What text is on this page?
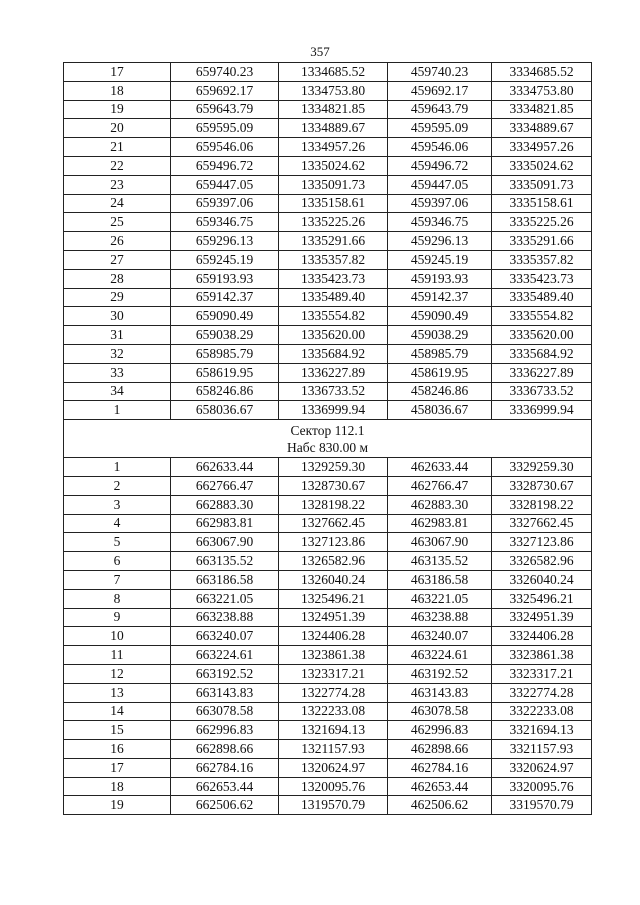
357
17	659740.23	1334685.52	459740.23	3334685.52
18	659692.17	1334753.80	459692.17	3334753.80
19	659643.79	1334821.85	459643.79	3334821.85
20	659595.09	1334889.67	459595.09	3334889.67
21	659546.06	1334957.26	459546.06	3334957.26
22	659496.72	1335024.62	459496.72	3335024.62
23	659447.05	1335091.73	459447.05	3335091.73
24	659397.06	1335158.61	459397.06	3335158.61
25	659346.75	1335225.26	459346.75	3335225.26
26	659296.13	1335291.66	459296.13	3335291.66
27	659245.19	1335357.82	459245.19	3335357.82
28	659193.93	1335423.73	459193.93	3335423.73
29	659142.37	1335489.40	459142.37	3335489.40
30	659090.49	1335554.82	459090.49	3335554.82
31	659038.29	1335620.00	459038.29	3335620.00
32	658985.79	1335684.92	458985.79	3335684.92
33	658619.95	1336227.89	458619.95	3336227.89
34	658246.86	1336733.52	458246.86	3336733.52
1	658036.67	1336999.94	458036.67	3336999.94

Сектор 112.1
Набс 830.00 м				

1	662633.44	1329259.30	462633.44	3329259.30
2	662766.47	1328730.67	462766.47	3328730.67
3	662883.30	1328198.22	462883.30	3328198.22
4	662983.81	1327662.45	462983.81	3327662.45
5	663067.90	1327123.86	463067.90	3327123.86
6	663135.52	1326582.96	463135.52	3326582.96
7	663186.58	1326040.24	463186.58	3326040.24
8	663221.05	1325496.21	463221.05	3325496.21
9	663238.88	1324951.39	463238.88	3324951.39
10	663240.07	1324406.28	463240.07	3324406.28
11	663224.61	1323861.38	463224.61	3323861.38
12	663192.52	1323317.21	463192.52	3323317.21
13	663143.83	1322774.28	463143.83	3322774.28
14	663078.58	1322233.08	463078.58	3322233.08
15	662996.83	1321694.13	462996.83	3321694.13
16	662898.66	1321157.93	462898.66	3321157.93
17	662784.16	1320624.97	462784.16	3320624.97
18	662653.44	1320095.76	462653.44	3320095.76
19	662506.62	1319570.79	462506.62	3319570.79
